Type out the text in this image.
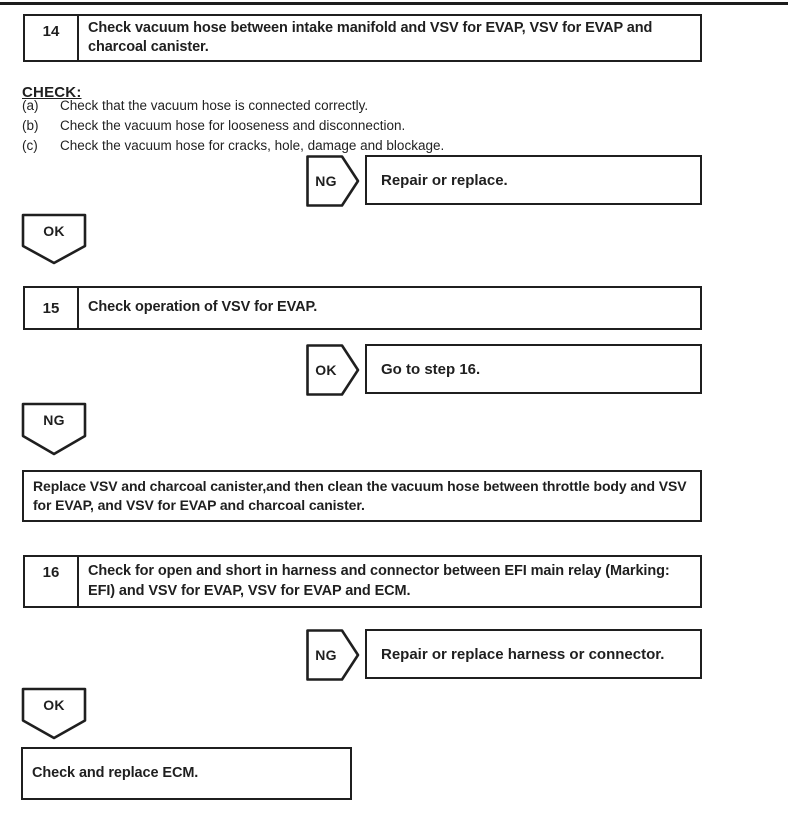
14	Check vacuum hose between intake manifold and VSV for EVAP, VSV for EVAP and charcoal canister.
CHECK:
(a)	Check that the vacuum hose is connected correctly.
(b)	Check the vacuum hose for looseness and disconnection.
(c)	Check the vacuum hose for cracks, hole, damage and blockage.
NG	Repair or replace.
OK
15	Check operation of VSV for EVAP.
OK	Go to step 16.
NG
Replace VSV and charcoal canister,and then clean the vacuum hose between throttle body and VSV for EVAP, and VSV for EVAP and charcoal canister.
16	Check for open and short in harness and connector between EFI main relay (Marking: EFI) and VSV for EVAP, VSV for EVAP and ECM.
NG	Repair or replace harness or connector.
OK
Check and replace ECM.
